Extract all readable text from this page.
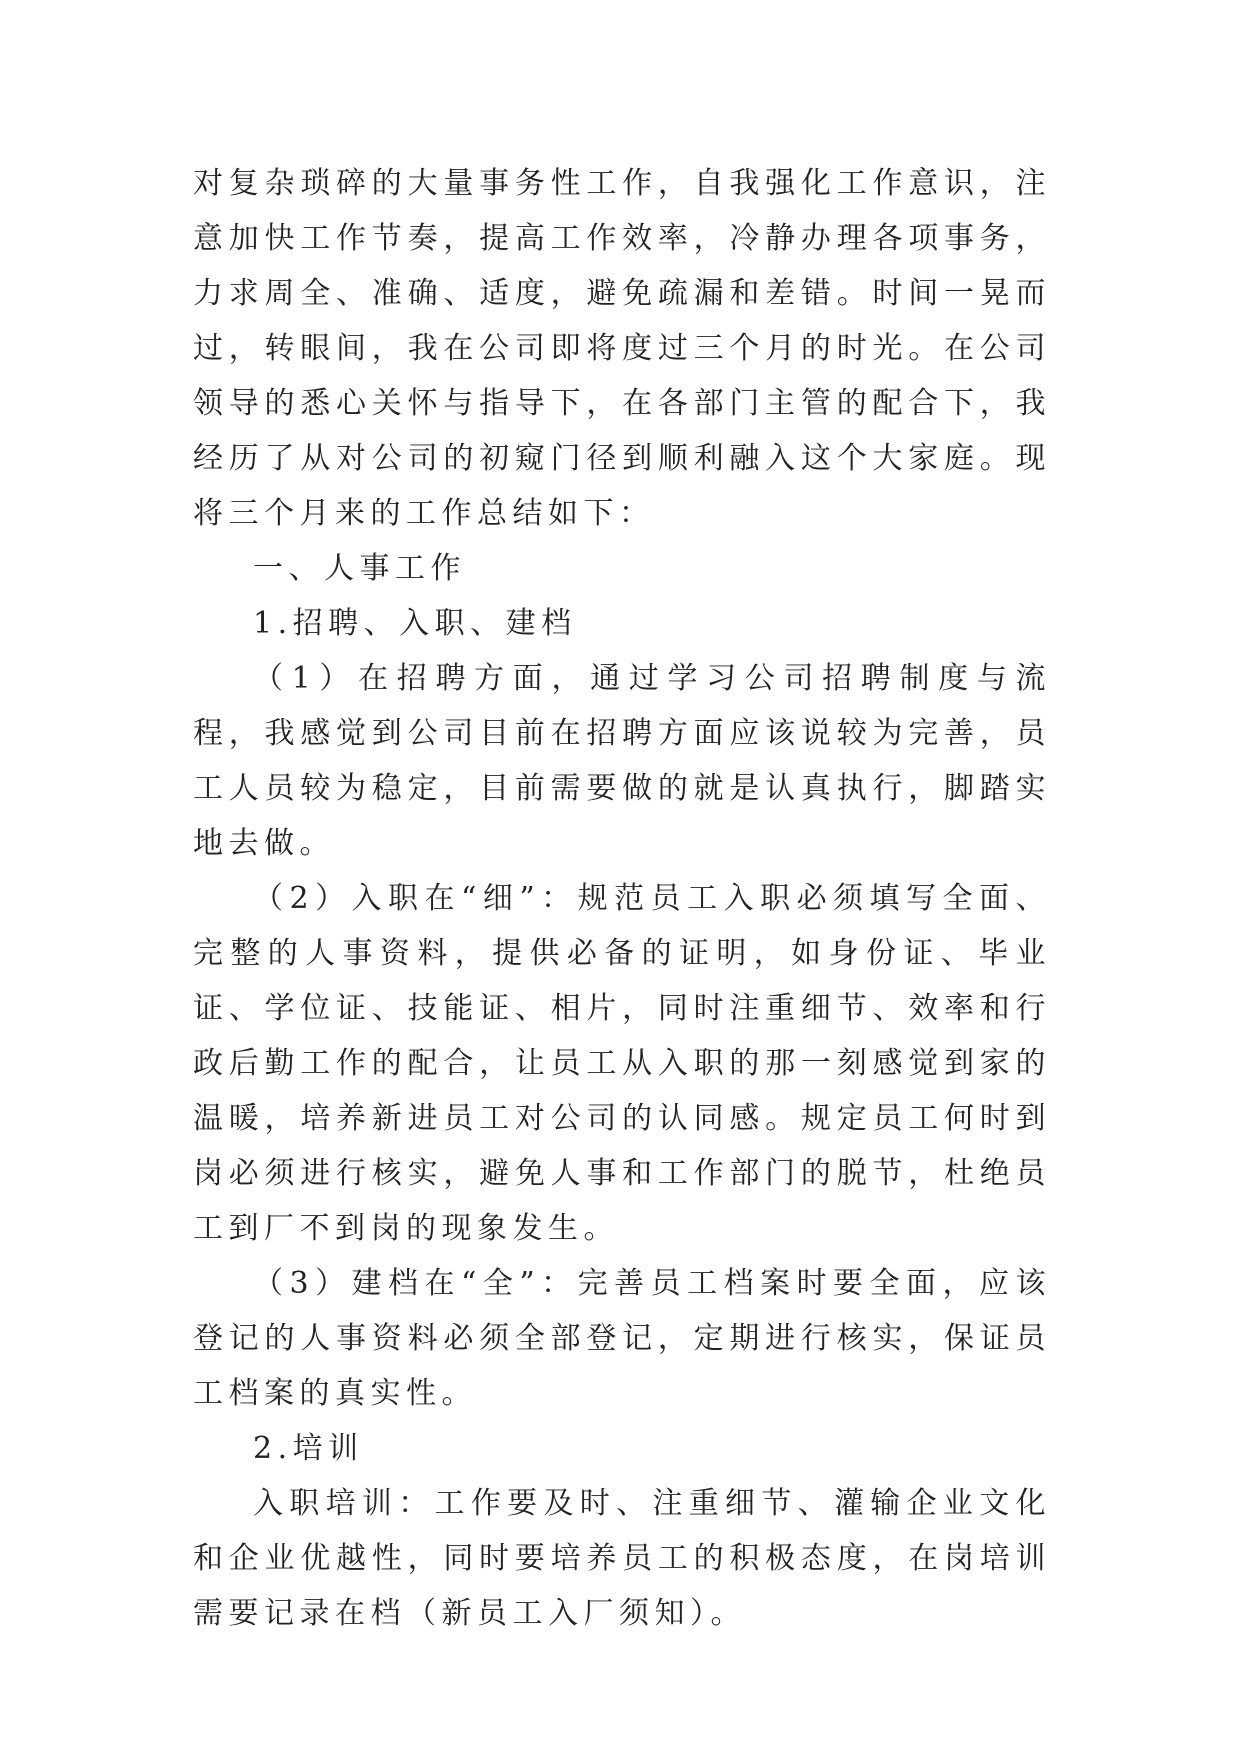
对复杂琐碎的大量事务性工作，自我强化工作意识，注意加快工作节奏，提高工作效率，冷静办理各项事务，力求周全、准确、适度，避免疏漏和差错。时间一晃而过，转眼间，我在公司即将度过三个月的时光。在公司领导的悉心关怀与指导下，在各部门主管的配合下，我经历了从对公司的初窥门径到顺利融入这个大家庭。现将三个月来的工作总结如下：

一、人事工作

1.招聘、入职、建档

（1）在招聘方面，通过学习公司招聘制度与流程，我感觉到公司目前在招聘方面应该说较为完善，员工人员较为稳定，目前需要做的就是认真执行，脚踏实地去做。

（2）入职在“细”：规范员工入职必须填写全面、完整的人事资料，提供必备的证明，如身份证、毕业证、学位证、技能证、相片，同时注重细节、效率和行政后勤工作的配合，让员工从入职的那一刻感觉到家的温暖，培养新进员工对公司的认同感。规定员工何时到岗必须进行核实，避免人事和工作部门的脱节，杜绝员工到厂不到岗的现象发生。

（3）建档在“全”：完善员工档案时要全面，应该登记的人事资料必须全部登记，定期进行核实，保证员工档案的真实性。

2.培训

入职培训：工作要及时、注重细节、灌输企业文化和企业优越性，同时要培养员工的积极态度，在岗培训需要记录在档（新员工入厂须知）。
